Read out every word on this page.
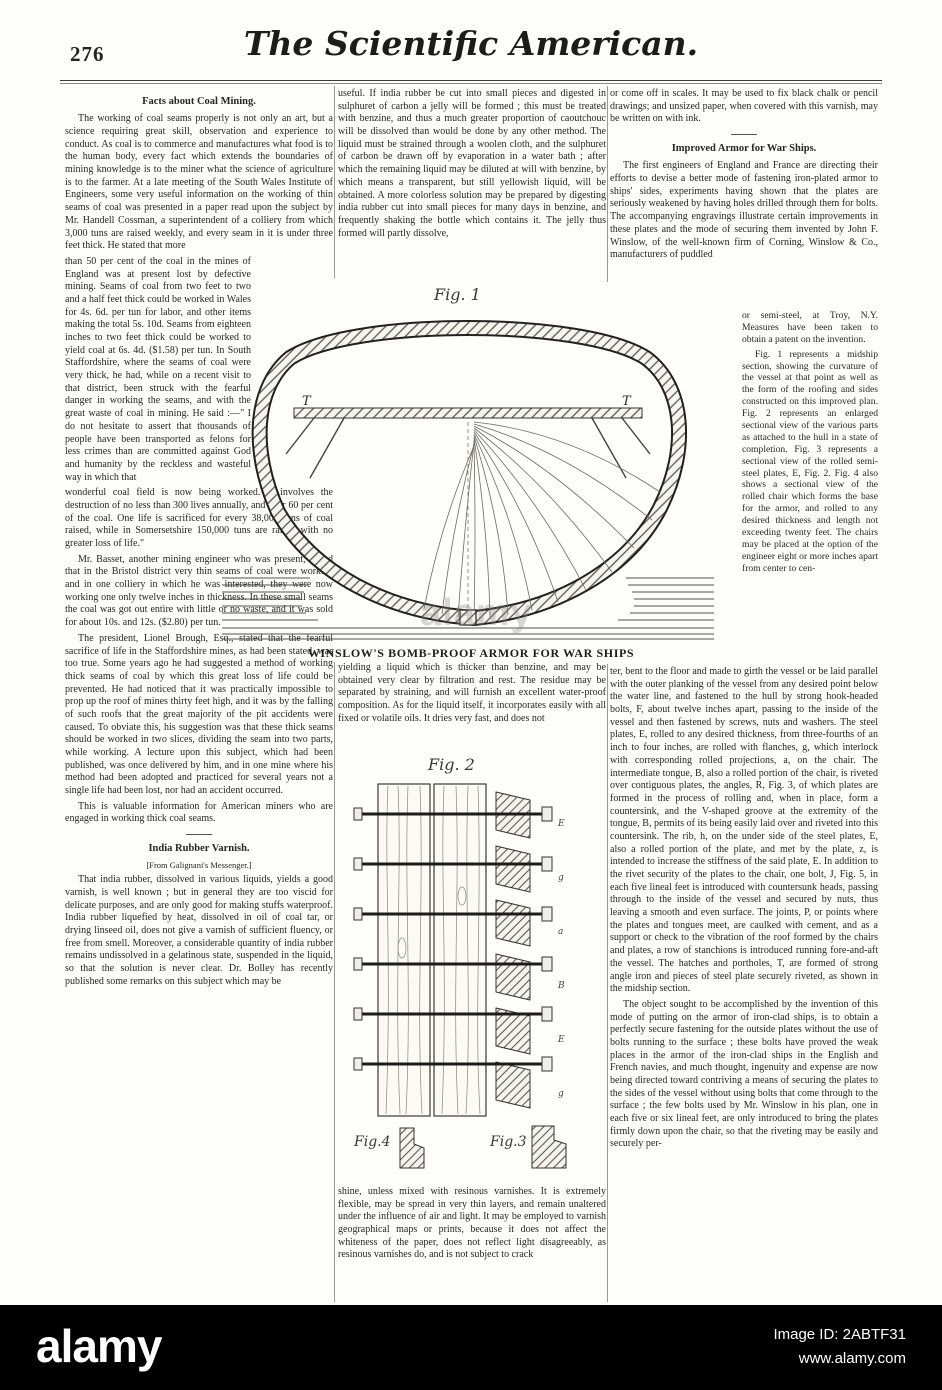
276	The Scientific American.
Facts about Coal Mining.

The working of coal seams properly is not only an art, but a science requiring great skill, observation and experience to conduct. As coal is to commerce and manufactures what food is to the human body, every fact which extends the boundaries of mining knowledge is to the miner what the science of agriculture is to the farmer. At a late meeting of the South Wales Institute of Engineers, some very useful information on the working of thin seams of coal was presented in a paper read upon the subject by Mr. Handell Cossman, a superintendent of a colliery from which 3,000 tuns are raised weekly, and every seam in it is under three feet thick. He stated that more

than 50 per cent of the coal in the mines of England was at present lost by defective mining. Seams of coal from two feet to two and a half feet thick could be worked in Wales for 4s. 6d. per tun for labor, and other items making the total 5s. 10d. Seams from eighteen inches to two feet thick could be worked to yield coal at 6s. 4d. ($1.58) per tun. In South Staffordshire, where the seams of coal were very thick, he had, while on a recent visit to that district, been struck with the fearful danger in working the seams, and with the great waste of coal in mining. He said :—" I do not hesitate to assert that thousands of people have been transported as felons for less crimes than are committed against God and humanity by the reckless and wasteful way in which that

wonderful coal field is now being worked. It involves the destruction of no less than 300 lives annually, and over 60 per cent of the coal. One life is sacrificed for every 38,000 tuns of coal raised, while in Somersetshire 150,000 tuns are raised with no greater loss of life."

Mr. Basset, another mining engineer who was present, stated that in the Bristol district very thin seams of coal were worked, and in one colliery in which he was interested, they were now working one only twelve inches in thickness. In these small seams the coal was got out entire with little or no waste, and it was sold for about 10s. and 12s. ($2.80) per tun.

The president, Lionel Brough, Esq., stated that the fearful sacrifice of life in the Staffordshire mines, as had been stated, was too true. Some years ago he had suggested a method of working thick seams of coal by which this great loss of life could be prevented. He had noticed that it was practically impossible to prop up the roof of mines thirty feet high, and it was by the falling of such roofs that the great majority of the pit accidents were caused. To obviate this, his suggestion was that these thick seams should be worked in two slices, dividing the seam into two parts, while working. A lecture upon this subject, which had been published, was once delivered by him, and in one mine where his method had been adopted and practiced for several years not a single life had been lost, nor had an accident occurred.

This is valuable information for American miners who are engaged in working thick coal seams.

India Rubber Varnish.
[From Galignani's Messenger.]

That india rubber, dissolved in various liquids, yields a good varnish, is well known ; but in general they are too viscid for delicate purposes, and are only good for making stuffs waterproof. India rubber liquefied by heat, dissolved in oil of coal tar, or drying linseed oil, does not give a varnish of sufficient fluency, or free from smell. Moreover, a considerable quantity of india rubber remains undissolved in a gelatinous state, suspended in the liquid, so that the solution is never clear. Dr. Bolley has recently published some remarks on this subject which may be

useful. If india rubber be cut into small pieces and digested in sulphuret of carbon a jelly will be formed ; this must be treated with benzine, and thus a much greater proportion of caoutchouc will be dissolved than would be done by any other method. The liquid must be strained through a woolen cloth, and the sulphuret of carbon be drawn off by evaporation in a water bath ; after which the remaining liquid may be diluted at will with benzine, by which means a transparent, but still yellowish liquid, will be obtained. A more colorless solution may be prepared by digesting india rubber cut into small pieces for many days in benzine, and frequently shaking the bottle which contains it. The jelly thus formed will partly dissolve,

Fig. 1
T	T
alamy
WINSLOW'S BOMB-PROOF ARMOR FOR WAR SHIPS

yielding a liquid which is thicker than benzine, and may be obtained very clear by filtration and rest. The residue may be separated by straining, and will furnish an excellent water-proof composition. As for the liquid itself, it incorporates easily with all fixed or volatile oils. It dries very fast, and does not

Fig. 2
E
g
a
B
E
g
Fig.4	Fig.3

shine, unless mixed with resinous varnishes. It is extremely flexible, may be spread in very thin layers, and remain unaltered under the influence of air and light. It may be employed to varnish geographical maps or prints, because it does not affect the whiteness of the paper, does not reflect light disagreeably, as resinous varnishes do, and is not subject to crack

or come off in scales. It may be used to fix black chalk or pencil drawings; and unsized paper, when covered with this varnish, may be written on with ink.

Improved Armor for War Ships.

The first engineers of England and France are directing their efforts to devise a better mode of fastening iron-plated armor to ships' sides, experiments having shown that the plates are seriously weakened by having holes drilled through them for bolts. The accompanying engravings illustrate certain improvements in these plates and the mode of securing them invented by John F. Winslow, of the well-known firm of Corning, Winslow & Co., manufacturers of puddled

or semi-steel, at Troy, N.Y. Measures have been taken to obtain a patent on the invention.

Fig. 1 represents a midship section, showing the curvature of the vessel at that point as well as the form of the roofing and sides constructed on this improved plan. Fig. 2 represents an enlarged sectional view of the various parts as attached to the hull in a state of completion. Fig. 3 represents a sectional view of the rolled semi-steel plates, E, Fig. 2. Fig. 4 also shows a sectional view of the rolled chair which forms the base for the armor, and rolled to any desired thickness and length not exceeding twenty feet. The chairs may be placed at the option of the engineer eight or more inches apart from center to cen-

ter, bent to the floor and made to girth the vessel or be laid parallel with the outer planking of the vessel from any desired point below the water line, and fastened to the hull by strong hook-headed bolts, F, about twelve inches apart, passing to the inside of the vessel and then fastened by screws, nuts and washers. The steel plates, E, rolled to any desired thickness, from three-fourths of an inch to four inches, are rolled with flanches, g, which interlock with corresponding rolled projections, a, on the chair. The intermediate tongue, B, also a rolled portion of the chair, is riveted over contiguous plates, the angles, R, Fig. 3, of which plates are formed in the process of rolling and, when in place, form a countersink, and the V-shaped groove at the extremity of the tongue, B, permits of its being easily laid over and riveted into this countersink. The rib, h, on the under side of the steel plates, E, also a rolled portion of the plate, and met by the plate, z, is intended to increase the stiffness of the said plate, E. In addition to the rivet security of the plates to the chair, one bolt, J, Fig. 5, in each five lineal feet is introduced with countersunk heads, passing through to the inside of the vessel and secured by nuts, thus leaving a smooth and even surface. The joints, P, or points where the plates and tongues meet, are caulked with cement, and as a support or check to the vibration of the roof formed by the chairs and plates, a row of stanchions is introduced running fore-and-aft the vessel. The hatches and portholes, T, are formed of strong angle iron and pieces of steel plate securely riveted, as shown in the midship section.

The object sought to be accomplished by the invention of this mode of putting on the armor of iron-clad ships, is to obtain a perfectly secure fastening for the outside plates without the use of bolts running to the surface ; these bolts have proved the weak places in the armor of the iron-clad ships in the English and French navies, and much thought, ingenuity and expense are now being directed toward contriving a means of securing the plates to the sides of the vessel without using bolts that come through to the surface ; the few bolts used by Mr. Winslow in his plan, one in each five or six lineal feet, are only introduced to bring the plates firmly down upon the chair, so that the riveting may be easily and securely per-

alamy	Image ID: 2ABTF31
www.alamy.com
